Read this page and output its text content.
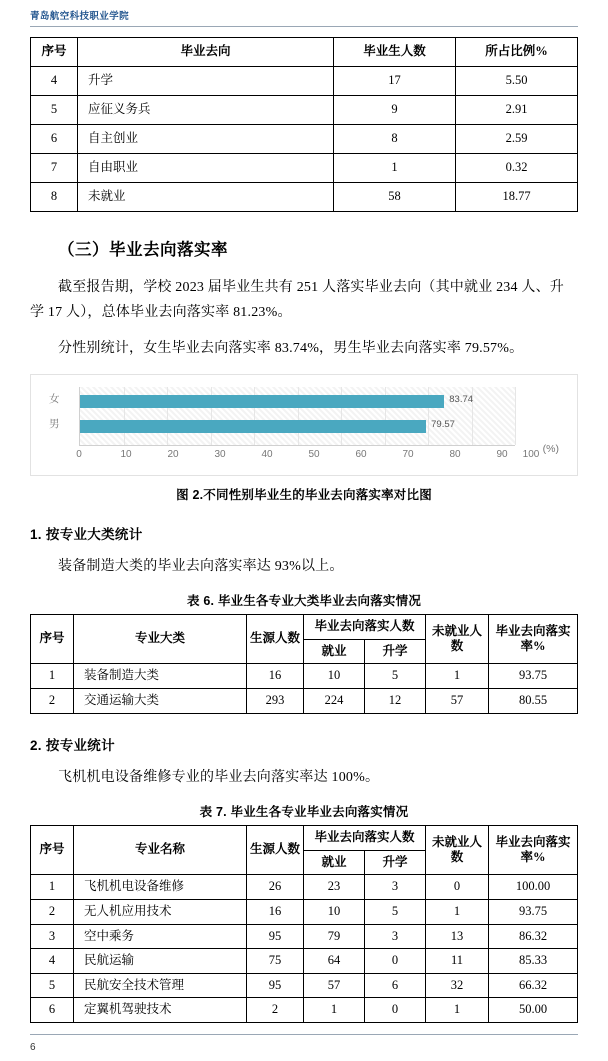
青岛航空科技职业学院
序号	毕业去向	毕业生人数	所占比例%
4	升学	17	5.50
5	应征义务兵	9	2.91
6	自主创业	8	2.59
7	自由职业	1	0.32
8	未就业	58	18.77
（三）毕业去向落实率

截至报告期，学校 2023 届毕业生共有 251 人落实毕业去向（其中就业 234 人、升学 17 人），总体毕业去向落实率 81.23%。

分性别统计，女生毕业去向落实率 83.74%，男生毕业去向落实率 79.57%。

83.74
79.57
女
男
0	10	20	30	40	50	60	70	80	90 100 (%)
图 2.不同性别毕业生的毕业去向落实率对比图
1. 按专业大类统计

装备制造大类的毕业去向落实率达 93%以上。

表 6. 毕业生各专业大类毕业去向落实情况
序号	专业大类	生源人数	毕业去向落实人数		未就业人数	毕业去向落实率%
			就业	升学		
1	装备制造大类	16	10	5	1	93.75
2	交通运输大类	293	224	12	57	80.55
2. 按专业统计

飞机机电设备维修专业的毕业去向落实率达 100%。

表 7. 毕业生各专业毕业去向落实情况
序号	专业名称	生源人数	毕业去向落实人数		未就业人数	毕业去向落实率%
			就业	升学		
1	飞机机电设备维修	26	23	3	0	100.00
2	无人机应用技术	16	10	5	1	93.75
3	空中乘务	95	79	3	13	86.32
4	民航运输	75	64	0	11	85.33
5	民航安全技术管理	95	57	6	32	66.32
6	定翼机驾驶技术	2	1	0	1	50.00
6
